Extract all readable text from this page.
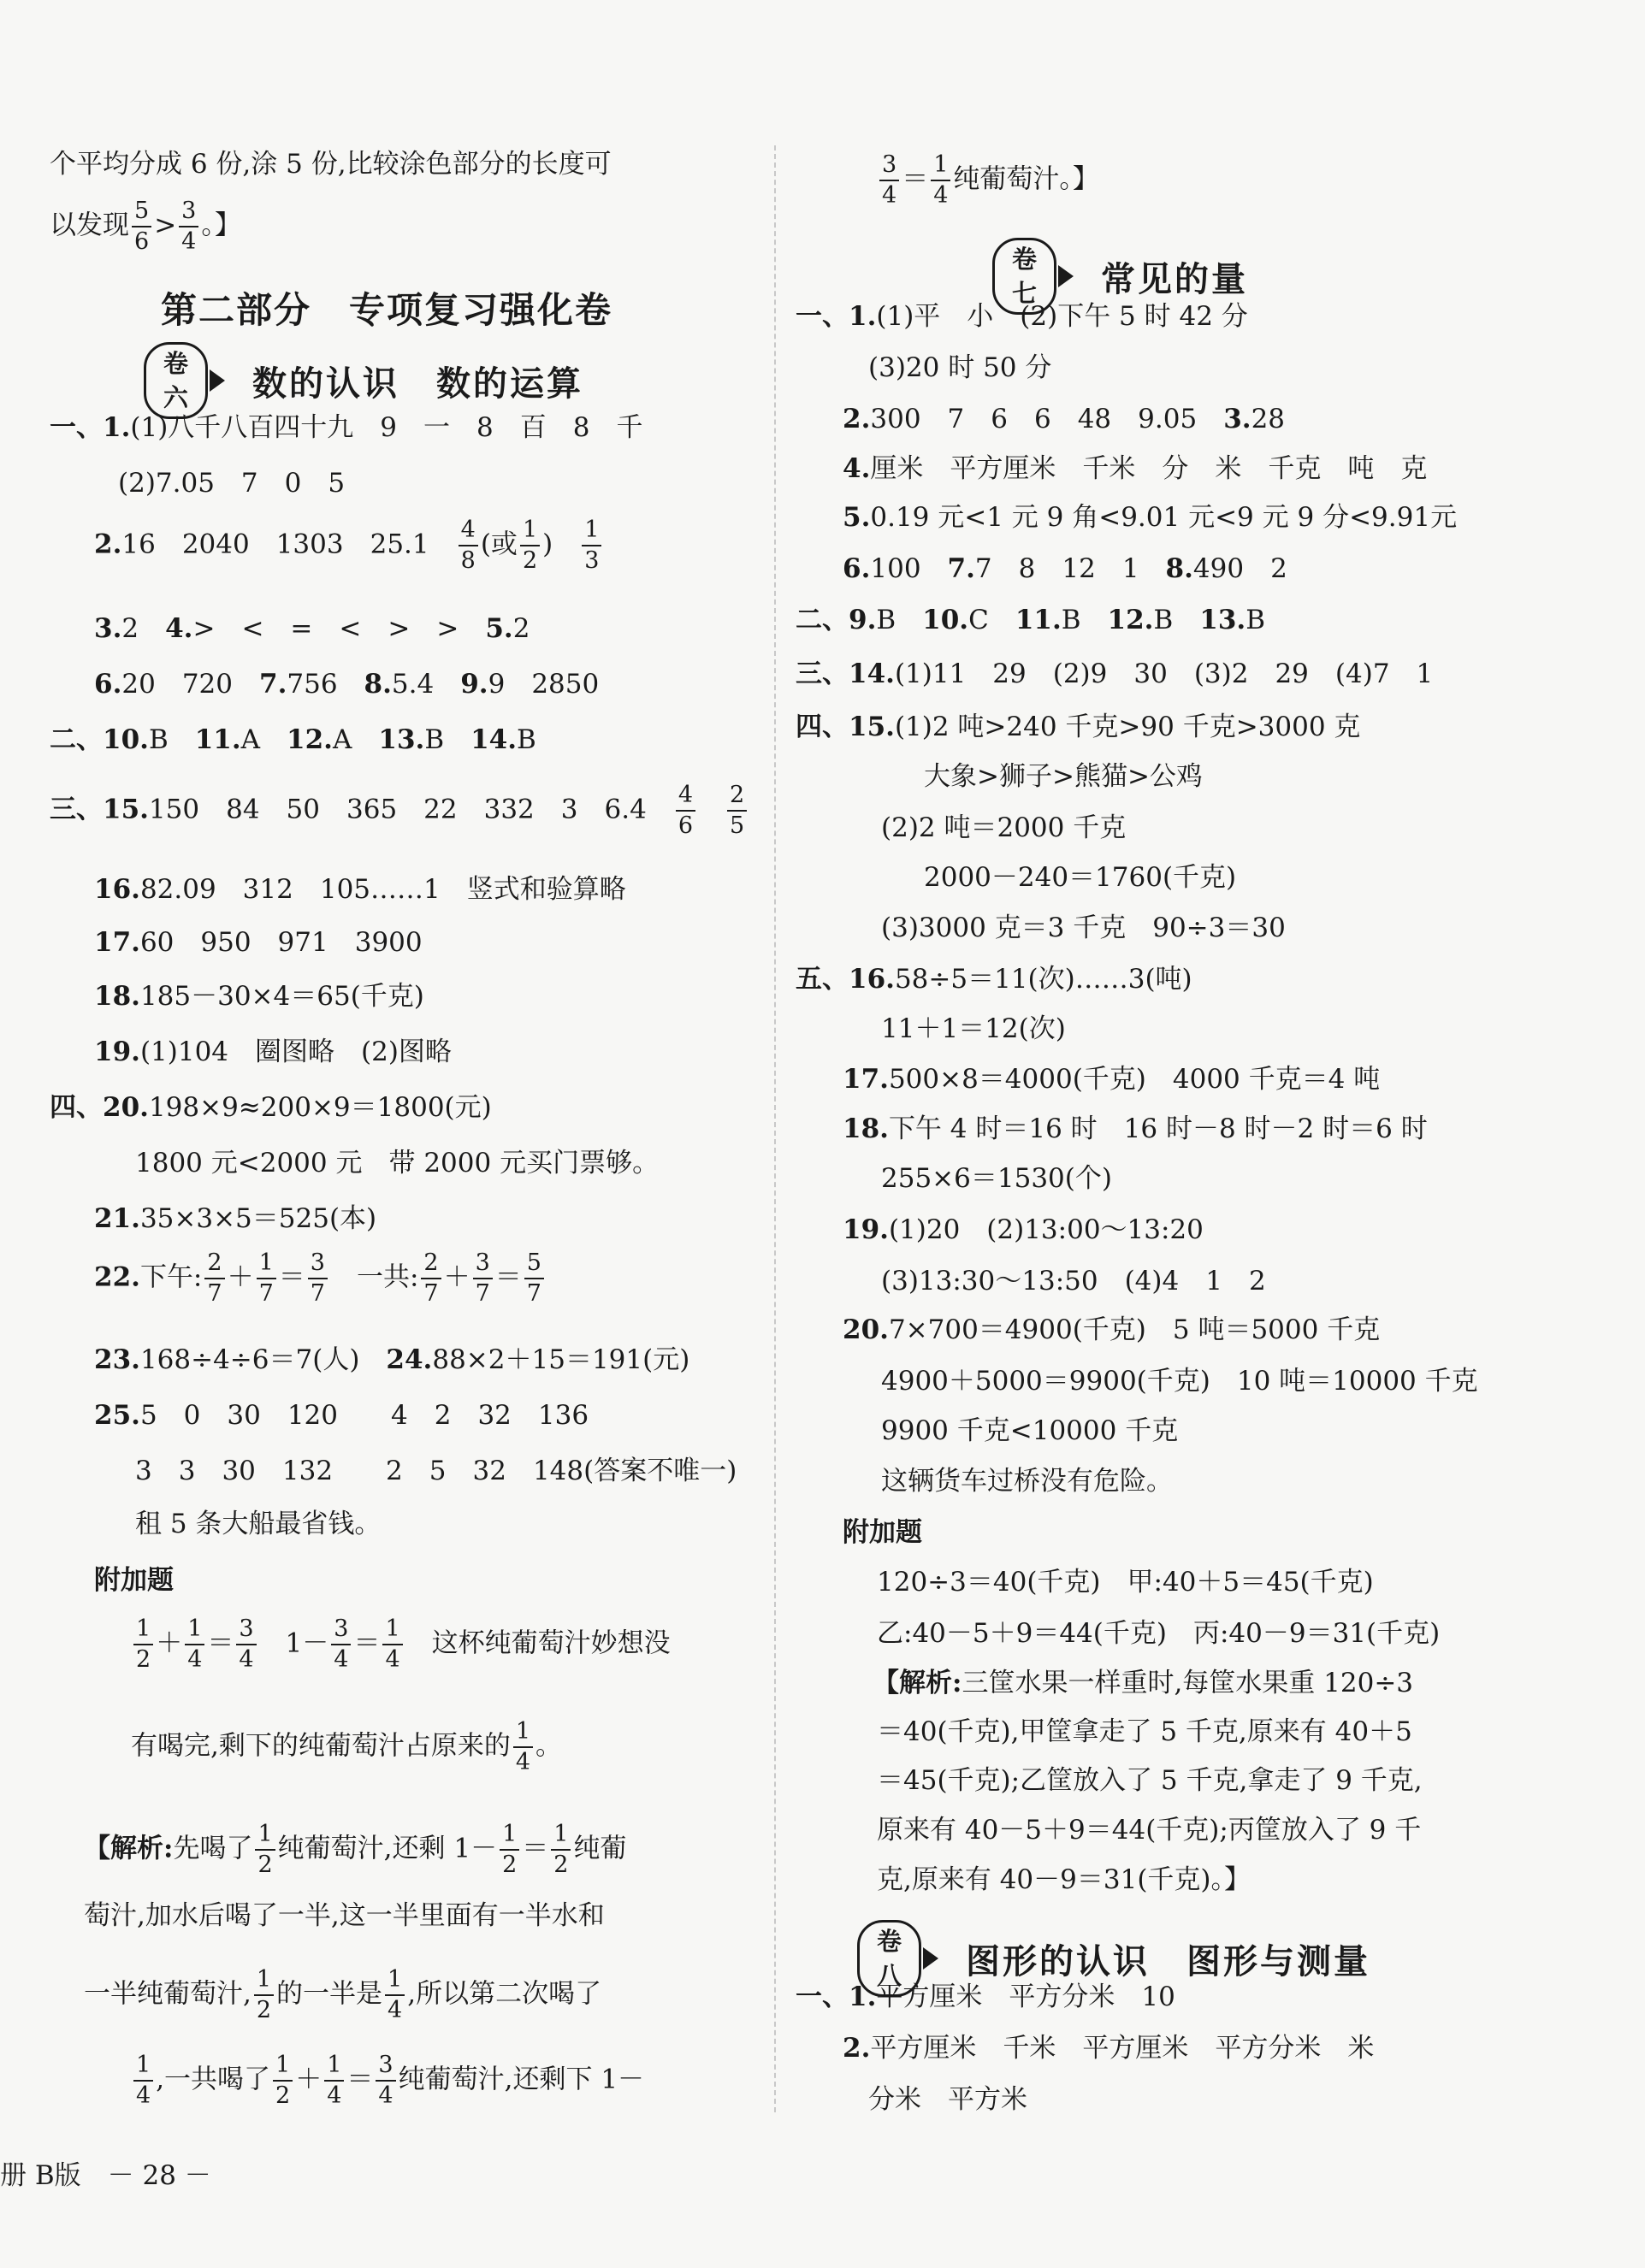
个平均分成 6 份,涂 5 份,比较涂色部分的长度可
以发现 $\frac{5}{6} > \frac{3}{4}$ 。】
第二部分　专项复习强化卷
卷六	数的认识　数的运算
一、1.(1)八千八百四十九　9　一　8　百　8　千
(2)7.05　7　0　5
2.16　2040　1303　25.1　 $\frac{4}{8}$ (或 $\frac{1}{2}$ )　 $\frac{1}{3}$
3.2　4.>　<　=　<　>　>　5.2
6.20　720　7.756　8.5.4　9.9　2850
二、10.B　11.A　12.A　13.B　14.B
三、15.150　84　50　365　22　332　3　6.4　 $\frac{4}{6}$
　 $\frac{2}{5}$
16.82.09　312　105……1　竖式和验算略
17.60　950　971　3900
18.185－30×4＝65(千克)
19.(1)104　圈图略　(2)图略
四、20.198×9≈200×9＝1800(元)
1800 元<2000 元　带 2000 元买门票够。
21.35×3×5＝525(本)
22.下午: $\frac{2}{7} + \frac{1}{7} = \frac{3}{7}$ 　一共: $\frac{2}{7} + \frac{3}{7} = \frac{5}{7}$
23.168÷4÷6＝7(人)　24.88×2＋15＝191(元)
25.5　0　30　120　　4　2　32　136
3　3　30　132　　2　5　32　148(答案不唯一)
租 5 条大船最省钱。
附加题
$\frac{1}{2} + \frac{1}{4} = \frac{3}{4}$ 　$1- \frac{3}{4} = \frac{1}{4}$ 　这杯纯葡萄汁妙想没
有喝完,剩下的纯葡萄汁占原来的 $\frac{1}{4}$ 。
【解析:先喝了 $\frac{1}{2}$ 纯葡萄汁,还剩 $1- \frac{1}{2} = \frac{1}{2}$ 纯葡
萄汁,加水后喝了一半,这一半里面有一半水和
一半纯葡萄汁, $\frac{1}{2}$ 的一半是 $\frac{1}{4}$ ,所以第二次喝了
$\frac{1}{4}$ ,一共喝了 $\frac{1}{2} + \frac{1}{4} = \frac{3}{4}$ 纯葡萄汁,还剩下 1－
$\frac{3}{4} = \frac{1}{4}$ 纯葡萄汁。】
卷七	常见的量
一、1.(1)平　小　(2)下午 5 时 42 分
(3)20 时 50 分
2.300　7　6　6　48　9.05　3.28
4.厘米　平方厘米　千米　分　米　千克　吨　克
5.0.19 元<1 元 9 角<9.01 元<9 元 9 分<9.91元
6.100　7.7　8　12　1　8.490　2
二、9.B　10.C　11.B　12.B　13.B
三、14.(1)11　29　(2)9　30　(3)2　29　(4)7　1
四、15.(1)2 吨>240 千克>90 千克>3000 克
大象>狮子>熊猫>公鸡
(2)2 吨＝2000 千克
2000－240＝1760(千克)
(3)3000 克＝3 千克　90÷3＝30
五、16.58÷5＝11(次)……3(吨)
11＋1＝12(次)
17.500×8＝4000(千克)　4000 千克＝4 吨
18.下午 4 时＝16 时　16 时－8 时－2 时＝6 时
255×6＝1530(个)
19.(1)20　(2)13:00～13:20
(3)13:30～13:50　(4)4　1　2
20.7×700＝4900(千克)　5 吨＝5000 千克
4900＋5000＝9900(千克)　10 吨＝10000 千克
9900 千克<10000 千克
这辆货车过桥没有危险。
附加题
120÷3＝40(千克)　甲:40＋5＝45(千克)
乙:40－5＋9＝44(千克)　丙:40－9＝31(千克)
【解析:三筐水果一样重时,每筐水果重 120÷3
＝40(千克),甲筐拿走了 5 千克,原来有 40＋5
＝45(千克);乙筐放入了 5 千克,拿走了 9 千克,
原来有 40－5＋9＝44(千克);丙筐放入了 9 千
克,原来有 40－9＝31(千克)。】
卷八	图形的认识　图形与测量
一、1.平方厘米　平方分米　10
2.平方厘米　千米　平方厘米　平方分米　米
分米　平方米
册 B版　－ 28 －
